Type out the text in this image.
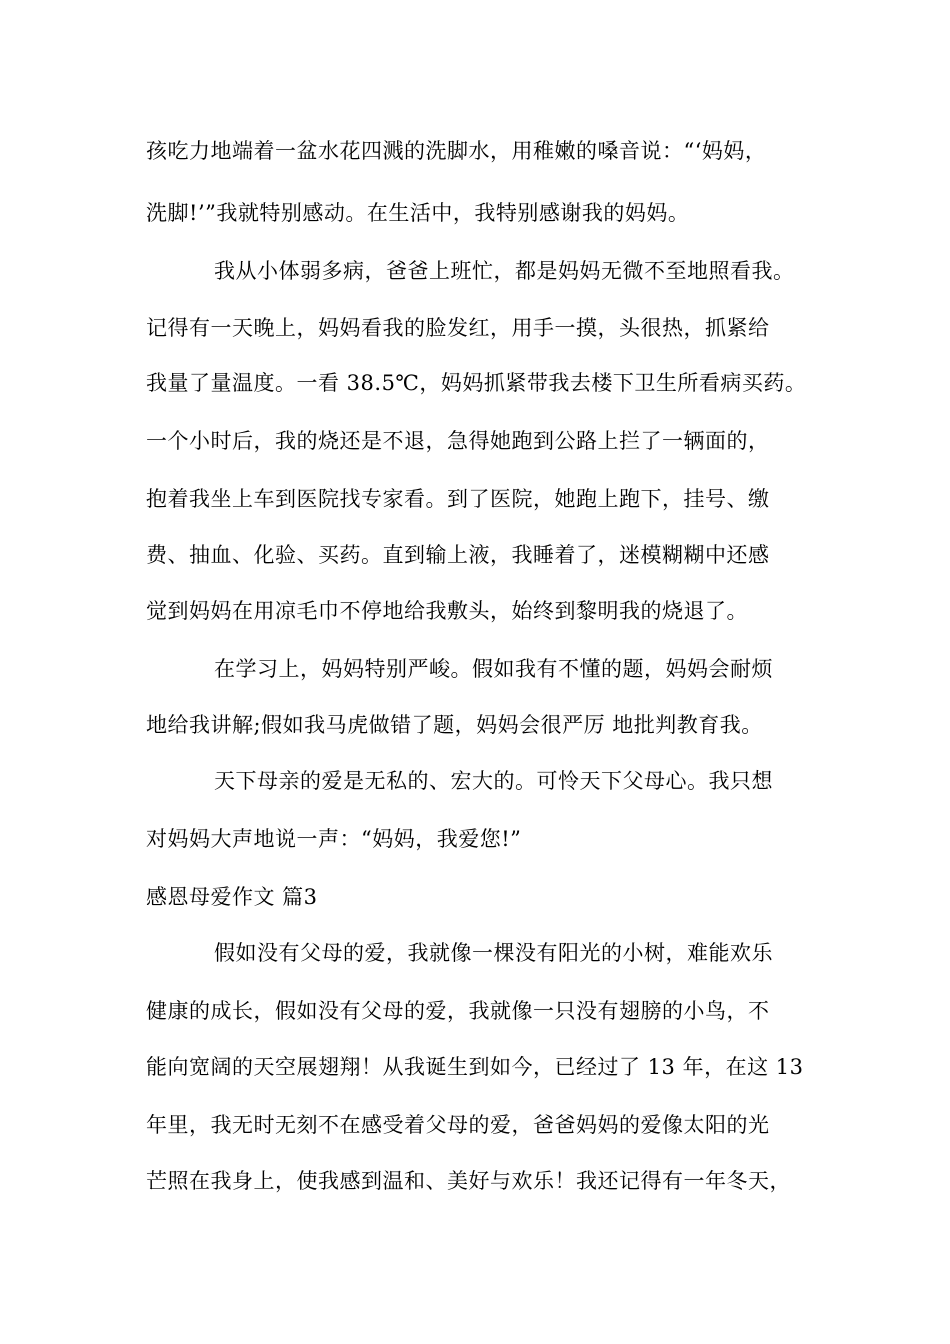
孩吃力地端着一盆水花四溅的洗脚水，用稚嫩的嗓音说：“‘妈妈，
洗脚!’”我就特别感动。在生活中，我特别感谢我的妈妈。
我从小体弱多病，爸爸上班忙，都是妈妈无微不至地照看我。
记得有一天晚上，妈妈看我的脸发红，用手一摸，头很热，抓紧给
我量了量温度。一看 38.5℃，妈妈抓紧带我去楼下卫生所看病买药。
一个小时后，我的烧还是不退，急得她跑到公路上拦了一辆面的，
抱着我坐上车到医院找专家看。到了医院，她跑上跑下，挂号、缴
费、抽血、化验、买药。直到输上液，我睡着了，迷模糊糊中还感
觉到妈妈在用凉毛巾不停地给我敷头，始终到黎明我的烧退了。
在学习上，妈妈特别严峻。假如我有不懂的题，妈妈会耐烦
地给我讲解;假如我马虎做错了题，妈妈会很严厉 地批判教育我。
天下母亲的爱是无私的、宏大的。可怜天下父母心。我只想
对妈妈大声地说一声：“妈妈，我爱您!”
感恩母爱作文 篇3
假如没有父母的爱，我就像一棵没有阳光的小树，难能欢乐
健康的成长，假如没有父母的爱，我就像一只没有翅膀的小鸟，不
能向宽阔的天空展翅翔！从我诞生到如今，已经过了 13 年，在这 13
年里，我无时无刻不在感受着父母的爱，爸爸妈妈的爱像太阳的光
芒照在我身上，使我感到温和、美好与欢乐！我还记得有一年冬天，
